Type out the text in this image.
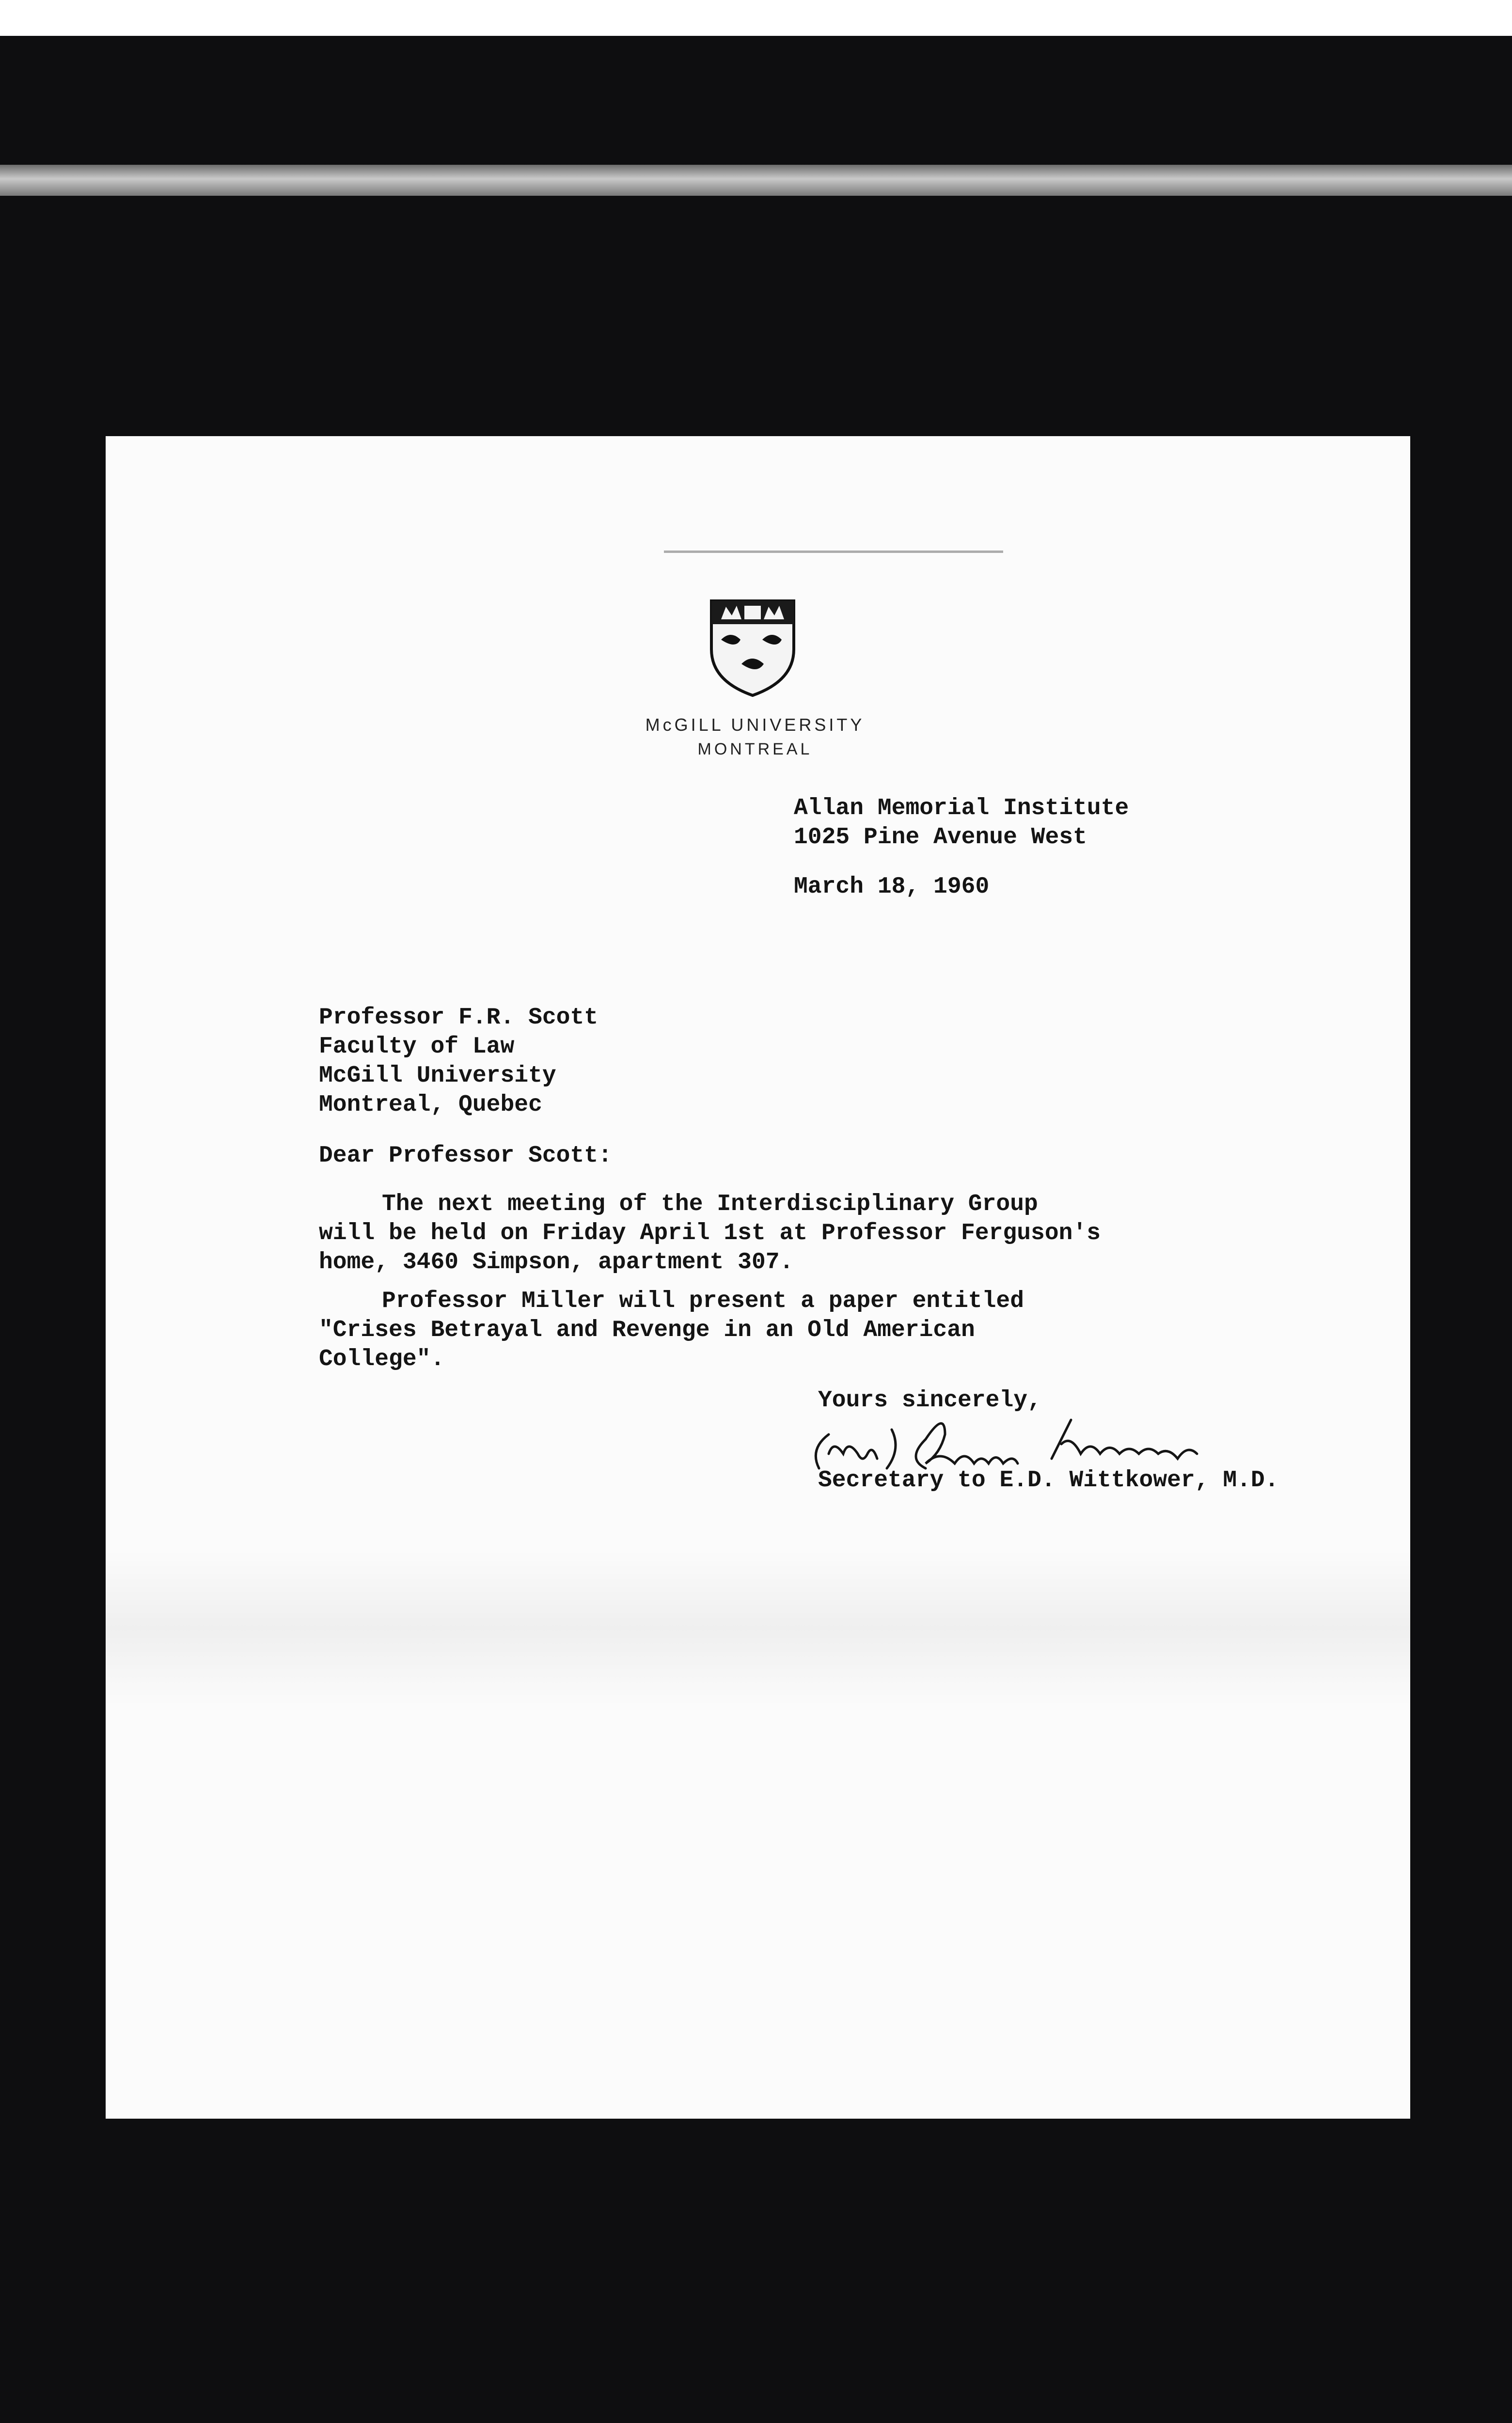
McGILL UNIVERSITY
MONTREAL

Allan Memorial Institute

1025 Pine Avenue West

March 18, 1960

Professor F.R. Scott

Faculty of Law

McGill University

Montreal, Quebec

Dear Professor Scott:

The next meeting of the Interdisciplinary Group will be held on Friday April 1st at Professor Ferguson's home, 3460 Simpson, apartment 307.

Professor Miller will present a paper entitled "Crises Betrayal and Revenge in an Old American College".

Yours sincerely,

Secretary to E.D. Wittkower, M.D.
